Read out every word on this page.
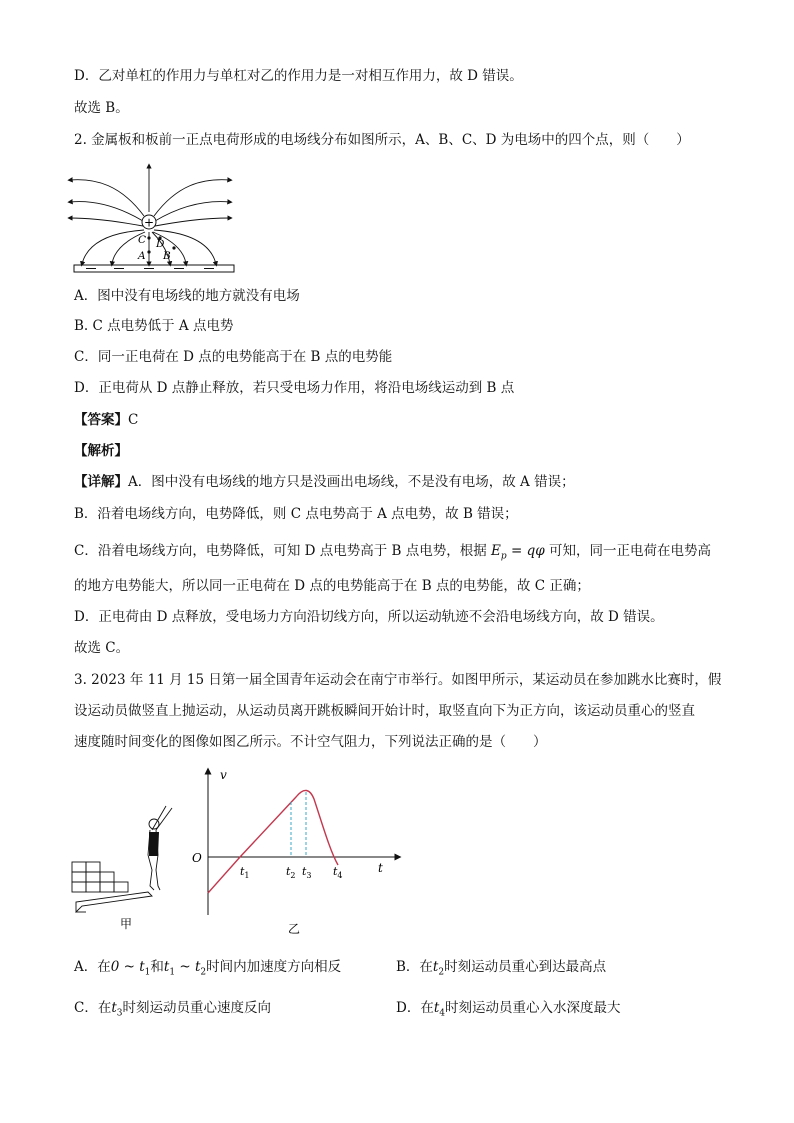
D．乙对单杠的作用力与单杠对乙的作用力是一对相互作用力，故 D 错误。
故选 B。
2. 金属板和板前一正点电荷形成的电场线分布如图所示，A、B、C、D 为电场中的四个点，则（　　）
+
C D
A B
A．图中没有电场线的地方就没有电场
B. C 点电势低于 A 点电势
C．同一正电荷在 D 点的电势能高于在 B 点的电势能
D．正电荷从 D 点静止释放，若只受电场力作用，将沿电场线运动到 B 点
【答案】C
【解析】
【详解】A．图中没有电场线的地方只是没画出电场线，不是没有电场，故 A 错误；
B．沿着电场线方向，电势降低，则 C 点电势高于 A 点电势，故 B 错误；
C．沿着电场线方向，电势降低，可知 D 点电势高于 B 点电势，根据 $E_p = q\varphi$ 可知，同一正电荷在电势高
的地方电势能大，所以同一正电荷在 D 点的电势能高于在 B 点的电势能，故 C 正确；
D．正电荷由 D 点释放，受电场力方向沿切线方向，所以运动轨迹不会沿电场线方向，故 D 错误。
故选 C。
3. 2023 年 11 月 15 日第一届全国青年运动会在南宁市举行。如图甲所示，某运动员在参加跳水比赛时，假
设运动员做竖直上抛运动，从运动员离开跳板瞬间开始计时，取竖直向下为正方向，该运动员重心的竖直
速度随时间变化的图像如图乙所示。不计空气阻力，下列说法正确的是（　　）
甲
v
O
t
$t_1$	$t_2$ $t_3$ $t_4$
乙
A．在0 ~ $t_1$和$t_1$ ~ $t_2$时间内加速度方向相反	B．在$t_2$时刻运动员重心到达最高点
C．在$t_3$时刻运动员重心速度反向	D．在$t_4$时刻运动员重心入水深度最大
